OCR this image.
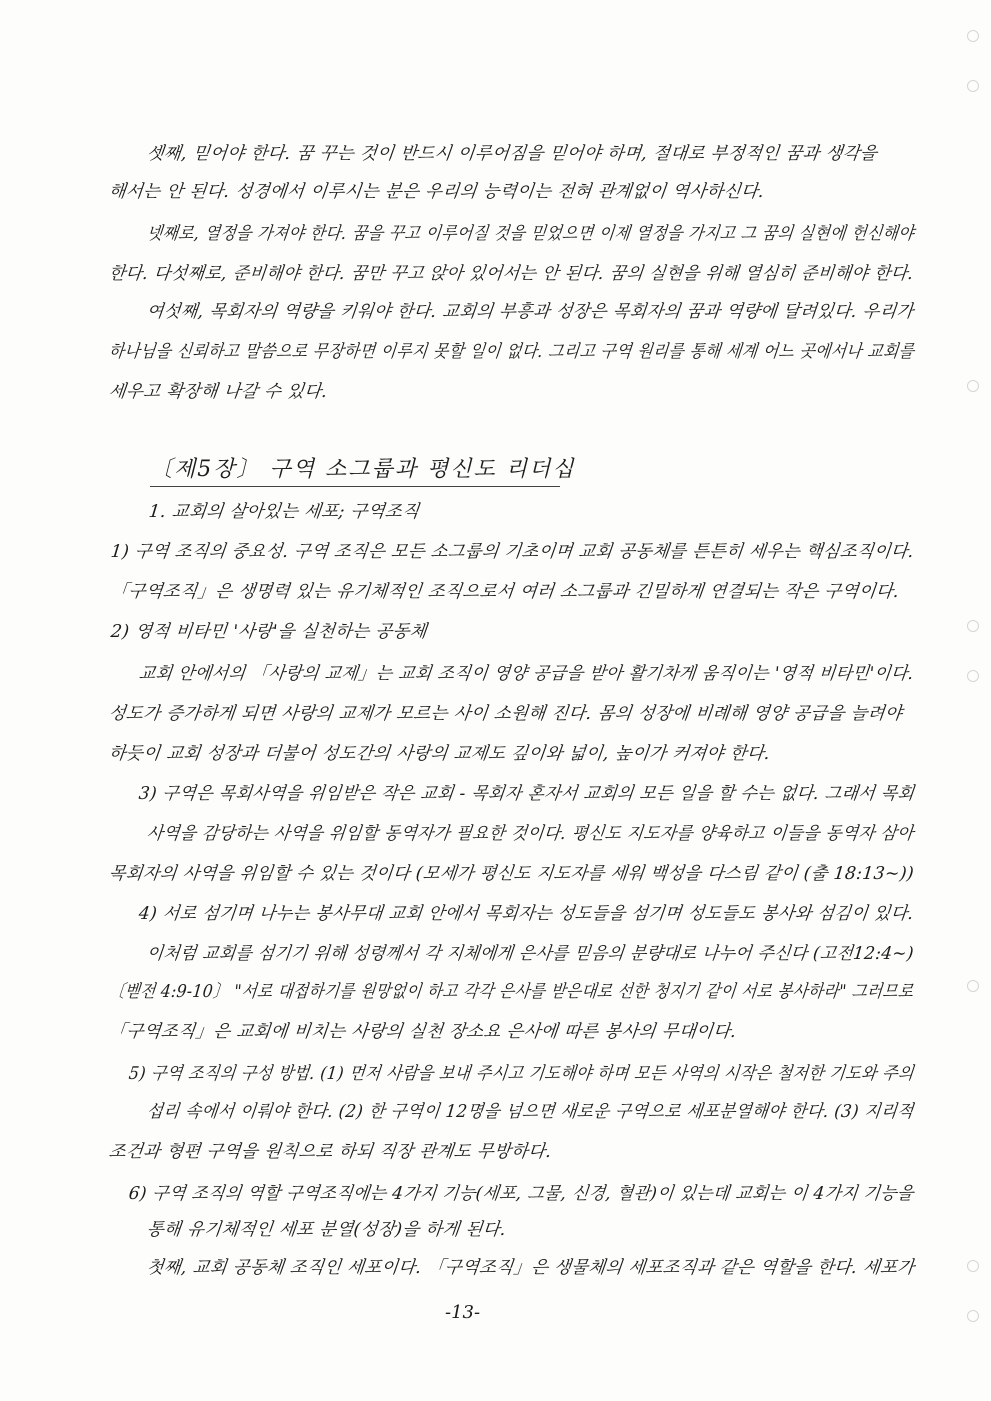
셋째, 믿어야 한다. 꿈 꾸는 것이 반드시 이루어짐을 믿어야 하며, 절대로 부정적인 꿈과 생각을
해서는 안 된다. 성경에서 이루시는 분은 우리의 능력이는 전혀 관계없이 역사하신다.
넷째로, 열정을 가져야 한다. 꿈을 꾸고 이루어질 것을 믿었으면 이제 열정을 가지고 그 꿈의 실현에 헌신해야
한다. 다섯째로, 준비해야 한다. 꿈만 꾸고 앉아 있어서는 안 된다. 꿈의 실현을 위해 열심히 준비해야 한다.
여섯째, 목회자의 역량을 키워야 한다. 교회의 부흥과 성장은 목회자의 꿈과 역량에 달려있다. 우리가
하나님을 신뢰하고 말씀으로 무장하면 이루지 못할 일이 없다. 그리고 구역 원리를 통해 세계 어느 곳에서나 교회를
세우고 확장해 나갈 수 있다.
〔제5장〕 구역 소그룹과 평신도 리더십
1. 교회의 살아있는 세포; 구역조직
1) 구역 조직의 중요성. 구역 조직은 모든 소그룹의 기초이며 교회 공동체를 튼튼히 세우는 핵심조직이다.
「구역조직」은 생명력 있는 유기체적인 조직으로서 여러 소그룹과 긴밀하게 연결되는 작은 구역이다.
2) 영적 비타민 '사랑'을 실천하는 공동체
교회 안에서의 「사랑의 교제」는 교회 조직이 영양 공급을 받아 활기차게 움직이는 '영적 비타민'이다.
성도가 증가하게 되면 사랑의 교제가 모르는 사이 소원해 진다. 몸의 성장에 비례해 영양 공급을 늘려야
하듯이 교회 성장과 더불어 성도간의 사랑의 교제도 깊이와 넓이, 높이가 커져야 한다.
3) 구역은 목회사역을 위임받은 작은 교회 - 목회자 혼자서 교회의 모든 일을 할 수는 없다. 그래서 목회
사역을 감당하는 사역을 위임할 동역자가 필요한 것이다. 평신도 지도자를 양육하고 이들을 동역자 삼아
목회자의 사역을 위임할 수 있는 것이다 (모세가 평신도 지도자를 세워 백성을 다스림 같이 (출 18:13~))
4) 서로 섬기며 나누는 봉사무대 교회 안에서 목회자는 성도들을 섬기며 성도들도 봉사와 섬김이 있다.
이처럼 교회를 섬기기 위해 성령께서 각 지체에게 은사를 믿음의 분량대로 나누어 주신다 (고전12:4~)
〔벧전 4:9-10〕 "서로 대접하기를 원망없이 하고 각각 은사를 받은대로 선한 청지기 같이 서로 봉사하라" 그러므로
「구역조직」은 교회에 비치는 사랑의 실천 장소요 은사에 따른 봉사의 무대이다.
5) 구역 조직의 구성 방법. (1) 먼저 사람을 보내 주시고 기도해야 하며 모든 사역의 시작은 철저한 기도와 주의
섭리 속에서 이뤄야 한다. (2) 한 구역이 12명을 넘으면 새로운 구역으로 세포분열해야 한다. (3) 지리적
조건과 형편 구역을 원칙으로 하되 직장 관계도 무방하다.
6) 구역 조직의 역할 구역조직에는 4가지 기능(세포, 그물, 신경, 혈관)이 있는데 교회는 이 4가지 기능을
통해 유기체적인 세포 분열(성장)을 하게 된다.
첫째, 교회 공동체 조직인 세포이다. 「구역조직」은 생물체의 세포조직과 같은 역할을 한다. 세포가
-13-
